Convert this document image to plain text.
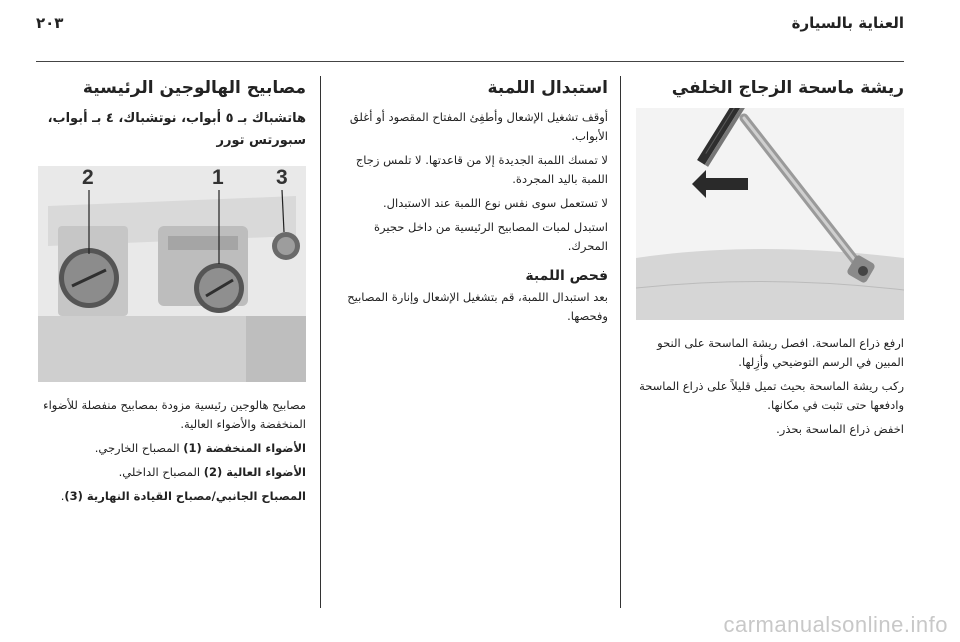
العناية بالسيارة
٢٠٣
ريشة ماسحة الزجاج الخلفي

ارفع ذراع الماسحة. افصل ريشة الماسحة على النحو المبين في الرسم التوضيحي وأزِلها.

ركب ريشة الماسحة بحيث تميل قليلاً على ذراع الماسحة وادفعها حتى تثبت في مكانها.

اخفض ذراع الماسحة بحذر.

استبدال اللمبة

أوقف تشغيل الإشعال وأطفِئ المفتاح المقصود أو أغلق الأبواب.

لا تمسك اللمبة الجديدة إلا من قاعدتها. لا تلمس زجاج اللمبة باليد المجردة.

لا تستعمل سوى نفس نوع اللمبة عند الاستبدال.

استبدل لمبات المصابيح الرئيسية من داخل حجيرة المحرك.

فحص اللمبة

بعد استبدال اللمبة، قم بتشغيل الإشعال وإنارة المصابيح وفحصها.

مصابيح الهالوجين الرئيسية
هاتشباك بـ ٥ أبواب، نوتشباك، ٤ بـ أبواب، سبورتس تورر
2	1 3

مصابيح هالوجين رئيسية مزودة بمصابيح منفصلة للأضواء المنخفضة والأضواء العالية.

الأضواء المنخفضة (1) المصباح الخارجي.

الأضواء العالية (2) المصباح الداخلي.

المصباح الجانبي/مصباح القيادة النهارية (3).

carmanualsonline.info
